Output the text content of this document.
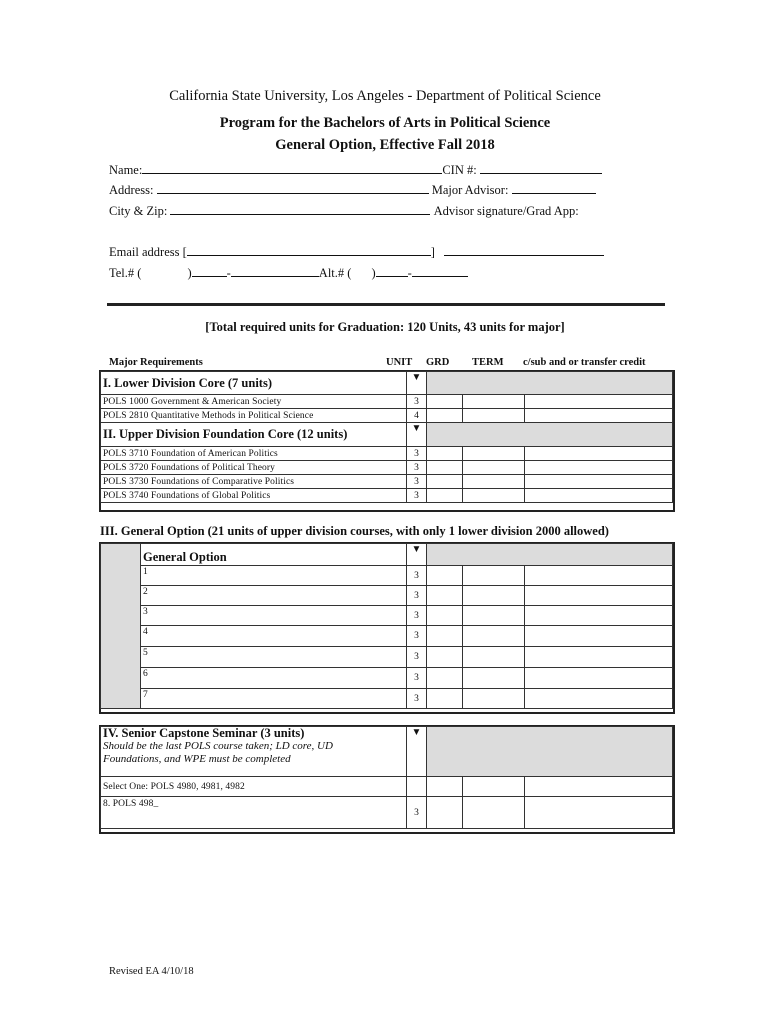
California State University, Los Angeles - Department of Political Science
Program for the Bachelors of Arts in Political Science
General Option, Effective Fall 2018
Name:	CIN #:
Address:	Major Advisor:
City & Zip:	Advisor signature/Grad App:
Email address [	]
Tel.# (	)	-	Alt.# ( )	-
[Total required units for Graduation: 120 Units, 43 units for major]
Major Requirements	UNIT GRD TERM c/sub and or transfer credit
I. Lower Division Core (7 units)	▼			
POLS 1000 Government & American Society	3			
POLS 2810 Quantitative Methods in Political Science	4			
II. Upper Division Foundation Core (12 units)	▼			
POLS 3710 Foundation of American Politics	3			
POLS 3720 Foundations of Political Theory	3			
POLS 3730 Foundations of Comparative Politics	3			
POLS 3740 Foundations of Global Politics	3			
III. General Option (21 units of upper division courses, with only 1 lower division 2000 allowed)
	General Option	▼			
	1	3			
	2	3			
	3	3			
	4	3			
	5	3			
	6	3			
	7	3			
IV. Senior Capstone Seminar (3 units)
Should be the last POLS course taken; LD core, UD
Foundations, and WPE must be completed	▼			
Select One: POLS 4980, 4981, 4982				
8. POLS 498_	3			
Revised EA 4/10/18
